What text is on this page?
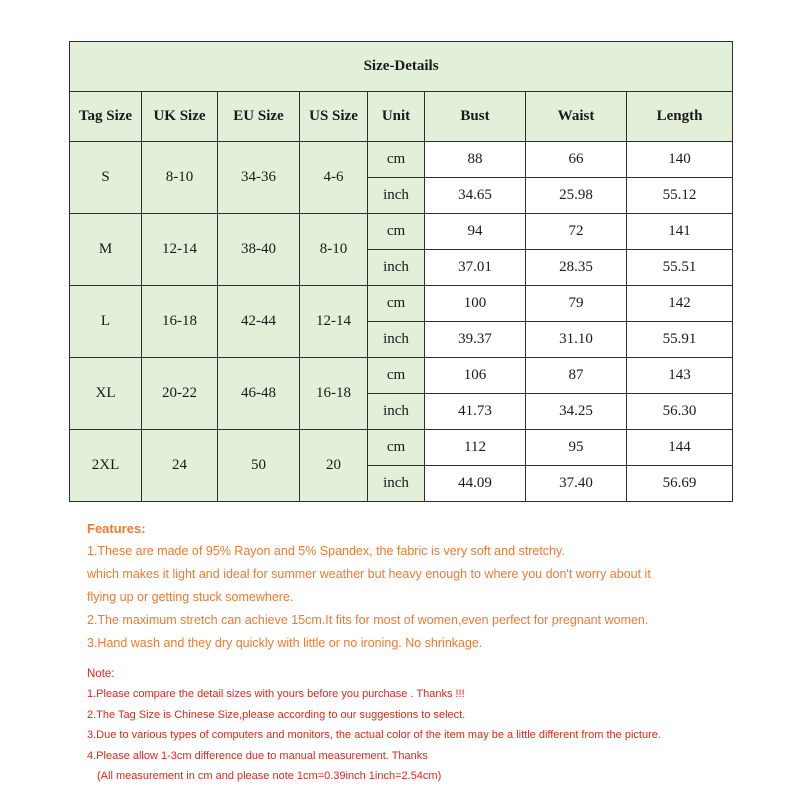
Size-Details							
Tag Size	UK Size	EU Size	US Size	Unit	Bust	Waist	Length
S	8-10	34-36	4-6	cm	88	66	140
				inch	34.65	25.98	55.12
M	12-14	38-40	8-10	cm	94	72	141
				inch	37.01	28.35	55.51
L	16-18	42-44	12-14	cm	100	79	142
				inch	39.37	31.10	55.91
XL	20-22	46-48	16-18	cm	106	87	143
				inch	41.73	34.25	56.30
2XL	24	50	20	cm	112	95	144
				inch	44.09	37.40	56.69
Features:
1.These are made of 95% Rayon and 5% Spandex, the fabric is very soft and stretchy.
which makes it light and ideal for summer weather but heavy enough to where you don't worry about it
flying up or getting stuck somewhere.
2.The maximum stretch can achieve 15cm.It fits for most of women,even perfect for pregnant women.
3.Hand wash and they dry quickly with little or no ironing. No shrinkage.
Note:
1.Please compare the detail sizes with yours before you purchase . Thanks !!!
2.The Tag Size is Chinese Size,please according to our suggestions to select.
3.Due to various types of computers and monitors, the actual color of the item may be a little different from the picture.
4.Please allow 1-3cm difference due to manual measurement. Thanks
(All measurement in cm and please note 1cm=0.39inch 1inch=2.54cm)
